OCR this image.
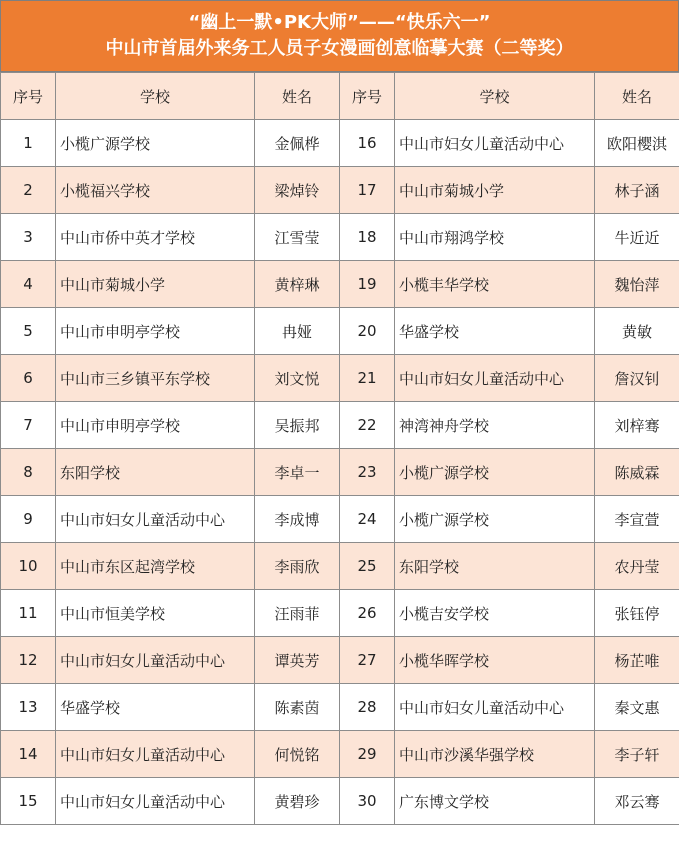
“幽上一默•PK大师”——“快乐六一”
中山市首届外来务工人员子女漫画创意临摹大赛（二等奖）
序号	学校	姓名	序号	学校	姓名
1	小榄广源学校	金佩桦	16	中山市妇女儿童活动中心	欧阳樱淇
2	小榄福兴学校	梁焯铃	17	中山市菊城小学	林子涵
3	中山市侨中英才学校	江雪莹	18	中山市翔鸿学校	牛近近
4	中山市菊城小学	黄梓琳	19	小榄丰华学校	魏怡萍
5	中山市申明亭学校	冉娅	20	华盛学校	黄敏
6	中山市三乡镇平东学校	刘文悦	21	中山市妇女儿童活动中心	詹汉钊
7	中山市申明亭学校	吴振邦	22	神湾神舟学校	刘梓骞
8	东阳学校	李卓一	23	小榄广源学校	陈威霖
9	中山市妇女儿童活动中心	李成博	24	小榄广源学校	李宣萱
10	中山市东区起湾学校	李雨欣	25	东阳学校	农丹莹
11	中山市恒美学校	汪雨菲	26	小榄吉安学校	张钰停
12	中山市妇女儿童活动中心	谭英芳	27	小榄华晖学校	杨芷唯
13	华盛学校	陈素茵	28	中山市妇女儿童活动中心	秦文惠
14	中山市妇女儿童活动中心	何悦铭	29	中山市沙溪华强学校	李子轩
15	中山市妇女儿童活动中心	黄碧珍	30	广东博文学校	邓云骞
